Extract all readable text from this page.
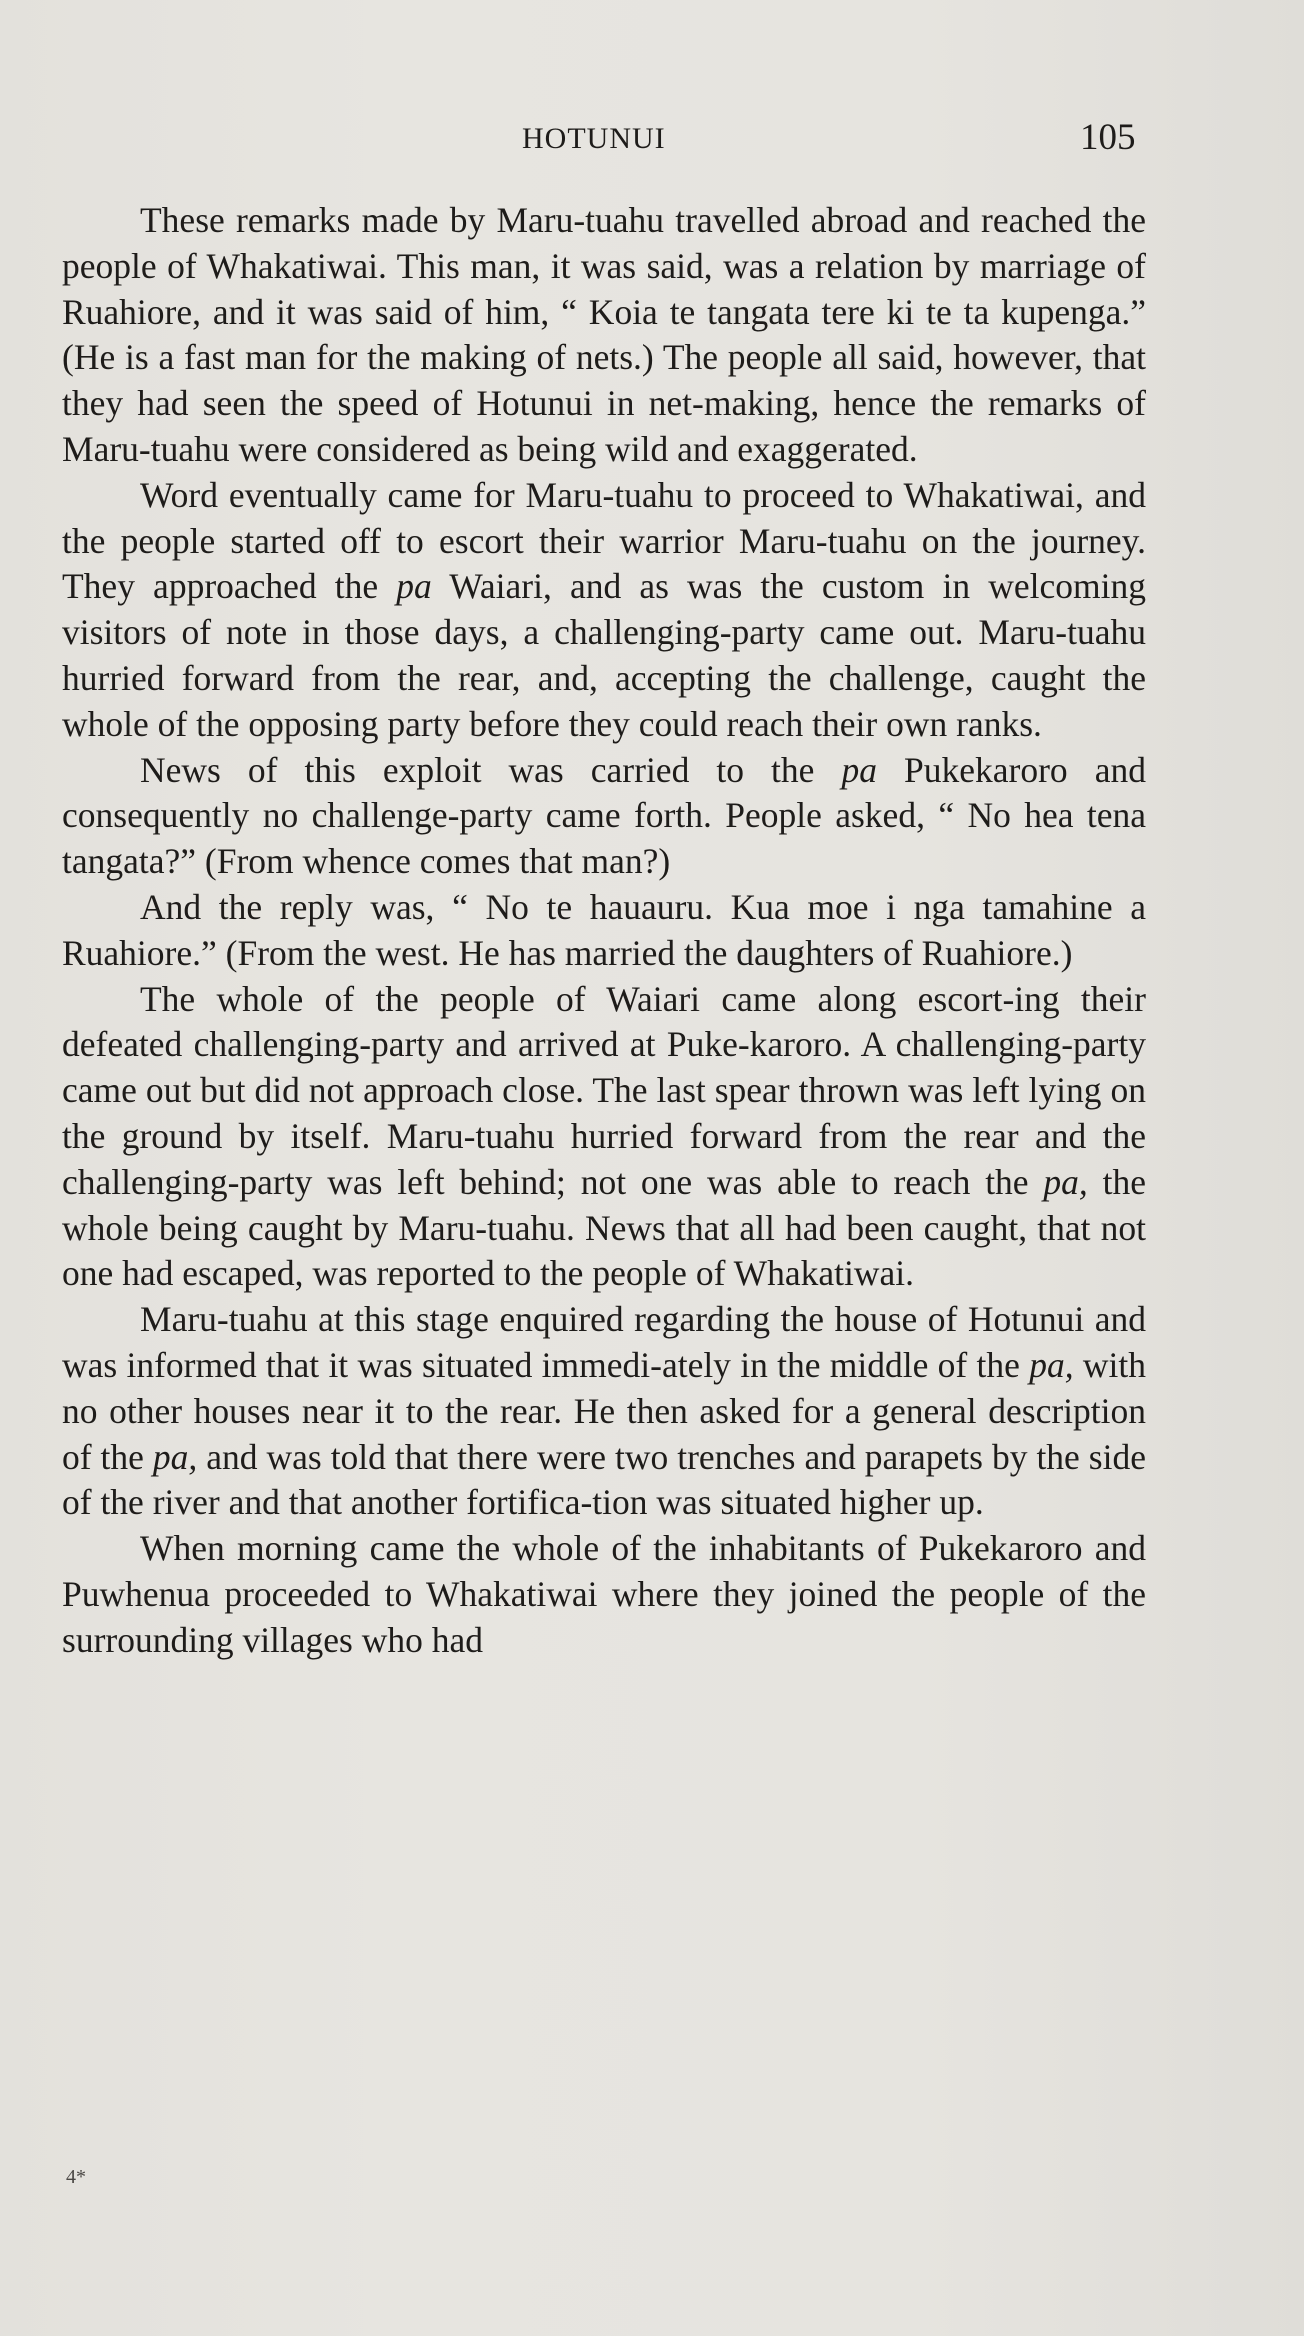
HOTUNUI	105

These remarks made by Maru-tuahu travelled abroad and reached the people of Whakatiwai. This man, it was said, was a relation by marriage of Ruahiore, and it was said of him, “ Koia te tangata tere ki te ta kupenga.” (He is a fast man for the making of nets.) The people all said, however, that they had seen the speed of Hotunui in net-making, hence the remarks of Maru-tuahu were considered as being wild and exaggerated.

Word eventually came for Maru-tuahu to proceed to Whakatiwai, and the people started off to escort their warrior Maru-tuahu on the journey. They approached the pa Waiari, and as was the custom in welcoming visitors of note in those days, a challenging-party came out. Maru-tuahu hurried forward from the rear, and, accepting the challenge, caught the whole of the opposing party before they could reach their own ranks.

News of this exploit was carried to the pa Pukekaroro and consequently no challenge-party came forth. People asked, “ No hea tena tangata?” (From whence comes that man?)

And the reply was, “ No te hauauru. Kua moe i nga tamahine a Ruahiore.” (From the west. He has married the daughters of Ruahiore.)

The whole of the people of Waiari came along escort-ing their defeated challenging-party and arrived at Puke-karoro. A challenging-party came out but did not approach close. The last spear thrown was left lying on the ground by itself. Maru-tuahu hurried forward from the rear and the challenging-party was left behind; not one was able to reach the pa, the whole being caught by Maru-tuahu. News that all had been caught, that not one had escaped, was reported to the people of Whakatiwai.

Maru-tuahu at this stage enquired regarding the house of Hotunui and was informed that it was situated immedi-ately in the middle of the pa, with no other houses near it to the rear. He then asked for a general description of the pa, and was told that there were two trenches and parapets by the side of the river and that another fortifica-tion was situated higher up.

When morning came the whole of the inhabitants of Pukekaroro and Puwhenua proceeded to Whakatiwai where they joined the people of the surrounding villages who had

4*
